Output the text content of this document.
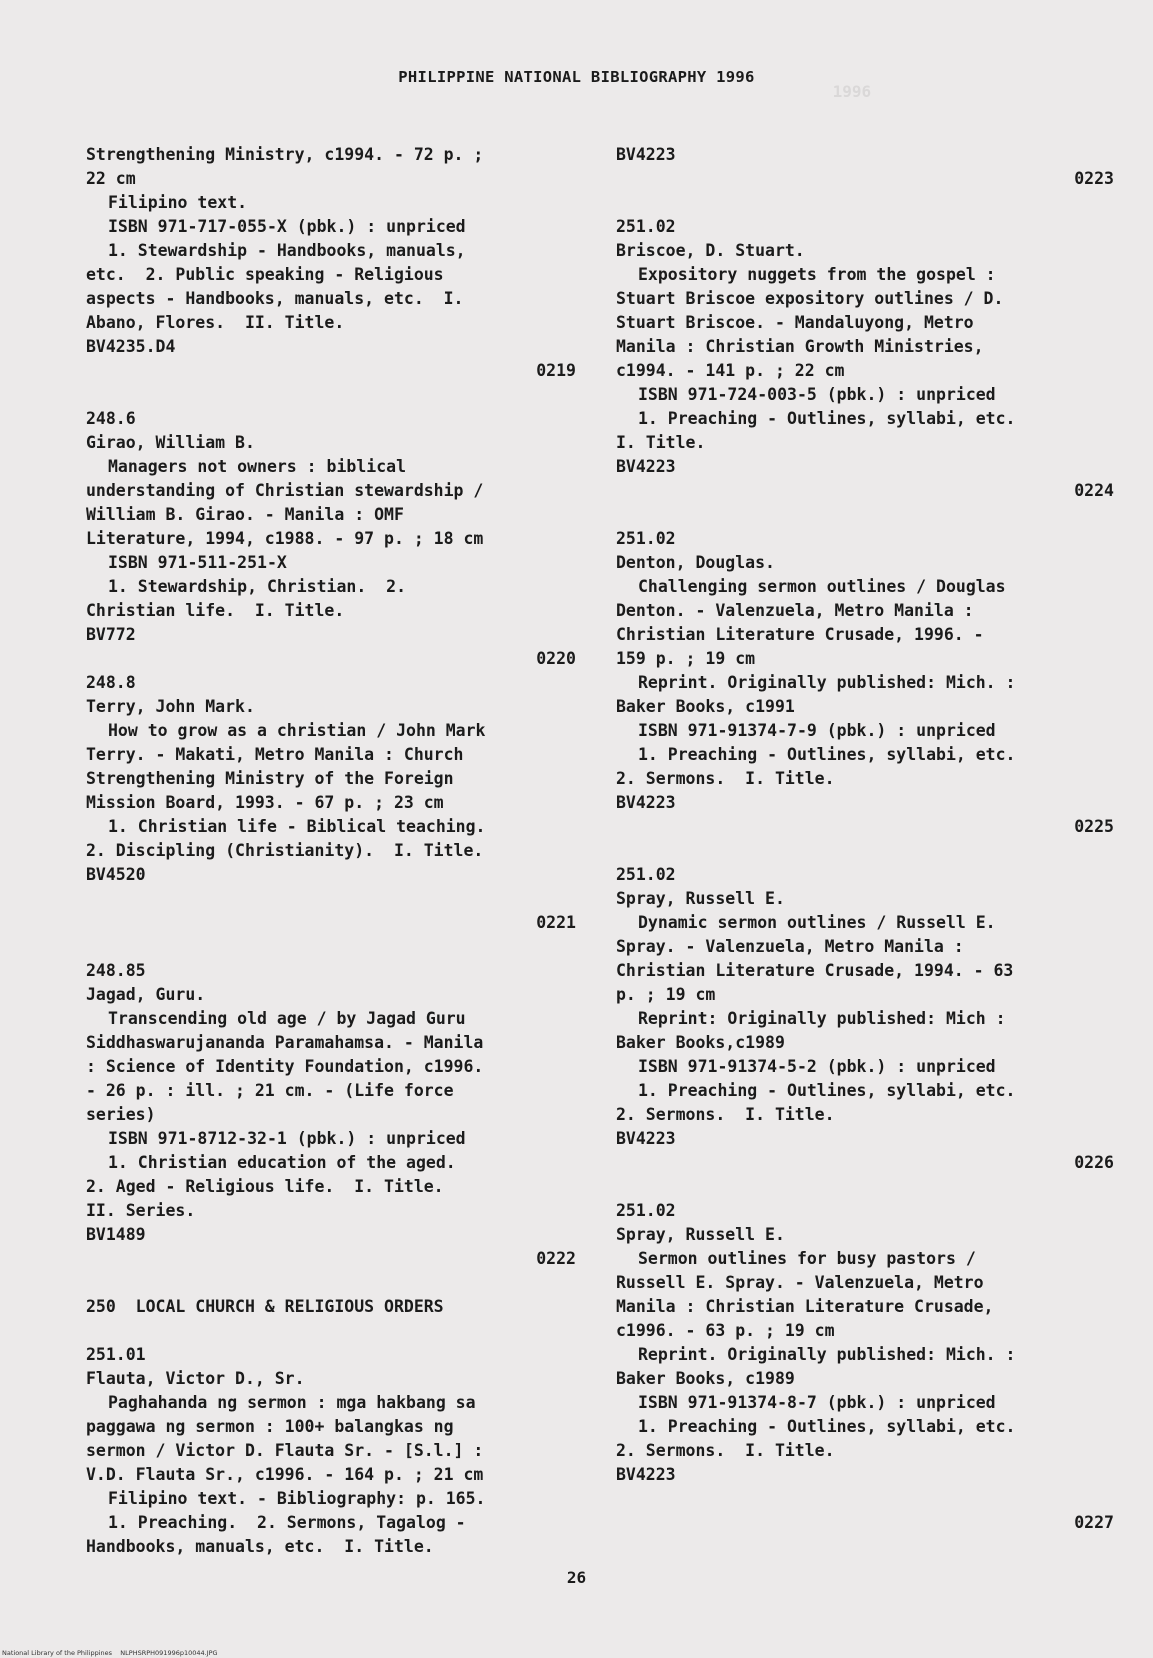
1996
PHILIPPINE NATIONAL BIBLIOGRAPHY 1996
Strengthening Ministry, c1994. - 72 p. ;
22 cm
Filipino text.
ISBN 971-717-055-X (pbk.) : unpriced
1. Stewardship - Handbooks, manuals,
etc.  2. Public speaking - Religious
aspects - Handbooks, manuals, etc.  I.
Abano, Flores.  II. Title.
BV4235.D4
0219
248.6
Girao, William B.
Managers not owners : biblical
understanding of Christian stewardship /
William B. Girao. - Manila : OMF
Literature, 1994, c1988. - 97 p. ; 18 cm
ISBN 971-511-251-X
1. Stewardship, Christian.  2.
Christian life.  I. Title.
BV772
0220
248.8
Terry, John Mark.
How to grow as a christian / John Mark
Terry. - Makati, Metro Manila : Church
Strengthening Ministry of the Foreign
Mission Board, 1993. - 67 p. ; 23 cm
1. Christian life - Biblical teaching.
2. Discipling (Christianity).  I. Title.
BV4520
0221
248.85
Jagad, Guru.
Transcending old age / by Jagad Guru
Siddhaswarujananda Paramahamsa. - Manila
: Science of Identity Foundation, c1996.
- 26 p. : ill. ; 21 cm. - (Life force
series)
ISBN 971-8712-32-1 (pbk.) : unpriced
1. Christian education of the aged.
2. Aged - Religious life.  I. Title.
II. Series.
BV1489
0222
250  LOCAL CHURCH & RELIGIOUS ORDERS
251.01
Flauta, Victor D., Sr.
Paghahanda ng sermon : mga hakbang sa
paggawa ng sermon : 100+ balangkas ng
sermon / Victor D. Flauta Sr. - [S.l.] :
V.D. Flauta Sr., c1996. - 164 p. ; 21 cm
Filipino text. - Bibliography: p. 165.
1. Preaching.  2. Sermons, Tagalog -
Handbooks, manuals, etc.  I. Title.
BV4223
0223
251.02
Briscoe, D. Stuart.
Expository nuggets from the gospel :
Stuart Briscoe expository outlines / D.
Stuart Briscoe. - Mandaluyong, Metro
Manila : Christian Growth Ministries,
c1994. - 141 p. ; 22 cm
ISBN 971-724-003-5 (pbk.) : unpriced
1. Preaching - Outlines, syllabi, etc.
I. Title.
BV4223
0224
251.02
Denton, Douglas.
Challenging sermon outlines / Douglas
Denton. - Valenzuela, Metro Manila :
Christian Literature Crusade, 1996. -
159 p. ; 19 cm
Reprint. Originally published: Mich. :
Baker Books, c1991
ISBN 971-91374-7-9 (pbk.) : unpriced
1. Preaching - Outlines, syllabi, etc.
2. Sermons.  I. Title.
BV4223
0225
251.02
Spray, Russell E.
Dynamic sermon outlines / Russell E.
Spray. - Valenzuela, Metro Manila :
Christian Literature Crusade, 1994. - 63
p. ; 19 cm
Reprint: Originally published: Mich :
Baker Books,c1989
ISBN 971-91374-5-2 (pbk.) : unpriced
1. Preaching - Outlines, syllabi, etc.
2. Sermons.  I. Title.
BV4223
0226
251.02
Spray, Russell E.
Sermon outlines for busy pastors /
Russell E. Spray. - Valenzuela, Metro
Manila : Christian Literature Crusade,
c1996. - 63 p. ; 19 cm
Reprint. Originally published: Mich. :
Baker Books, c1989
ISBN 971-91374-8-7 (pbk.) : unpriced
1. Preaching - Outlines, syllabi, etc.
2. Sermons.  I. Title.
BV4223
0227
26
National Library of the Philippines    NLPHSRPH091996p10044.JPG
